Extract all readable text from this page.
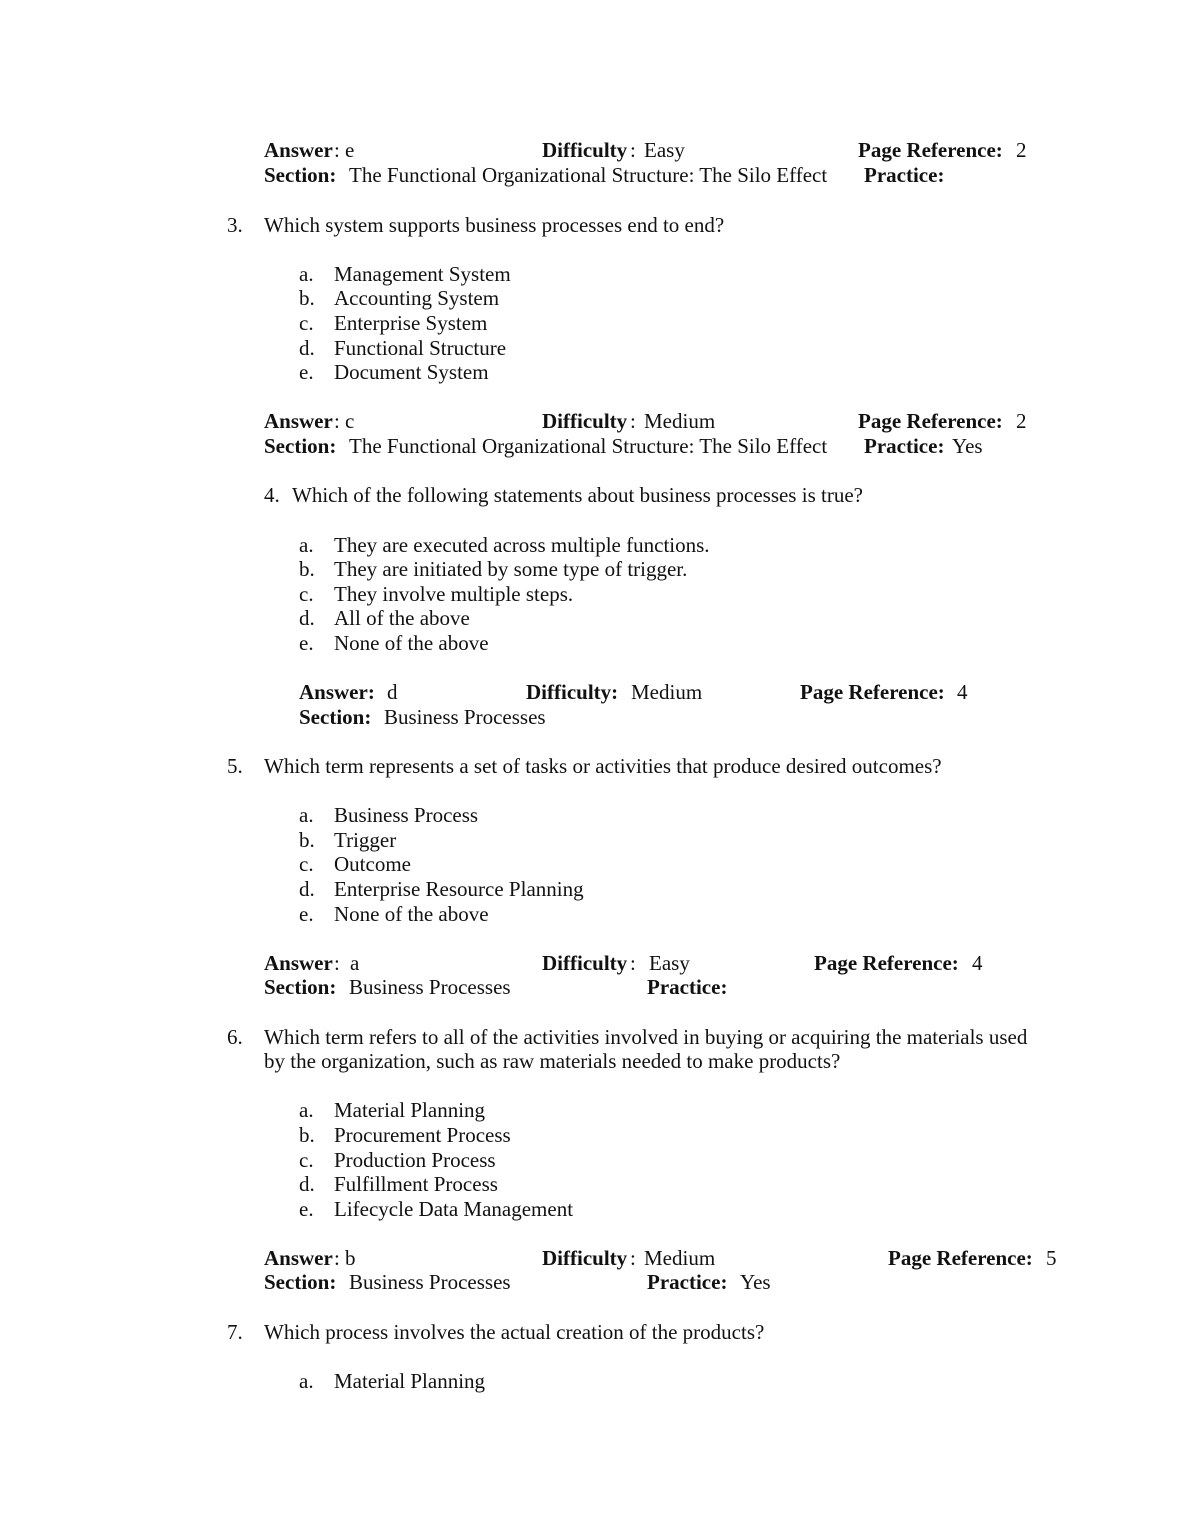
Answer : e	Difficulty : Easy	Page Reference: 2
Section: The Functional Organizational Structure: The Silo Effect Practice:
3. Which system supports business processes end to end?
a. Management System
b. Accounting System
c. Enterprise System
d. Functional Structure
e. Document System
Answer : c	Difficulty : Medium	Page Reference: 2
Section: The Functional Organizational Structure: The Silo Effect Practice: Yes
4. Which of the following statements about business processes is true?
a. They are executed across multiple functions.
b. They are initiated by some type of trigger.
c. They involve multiple steps.
d. All of the above
e. None of the above
Answer: d	Difficulty: Medium	Page Reference: 4
Section: Business Processes
5. Which term represents a set of tasks or activities that produce desired outcomes?
a. Business Process
b. Trigger
c. Outcome
d. Enterprise Resource Planning
e. None of the above
Answer : a	Difficulty : Easy	Page Reference: 4
Section: Business Processes	Practice:
6. Which term refers to all of the activities involved in buying or acquiring the materials used
by the organization, such as raw materials needed to make products?
a. Material Planning
b. Procurement Process
c. Production Process
d. Fulfillment Process
e. Lifecycle Data Management
Answer : b	Difficulty : Medium	Page Reference: 5
Section: Business Processes	Practice: Yes
7. Which process involves the actual creation of the products?
a. Material Planning
